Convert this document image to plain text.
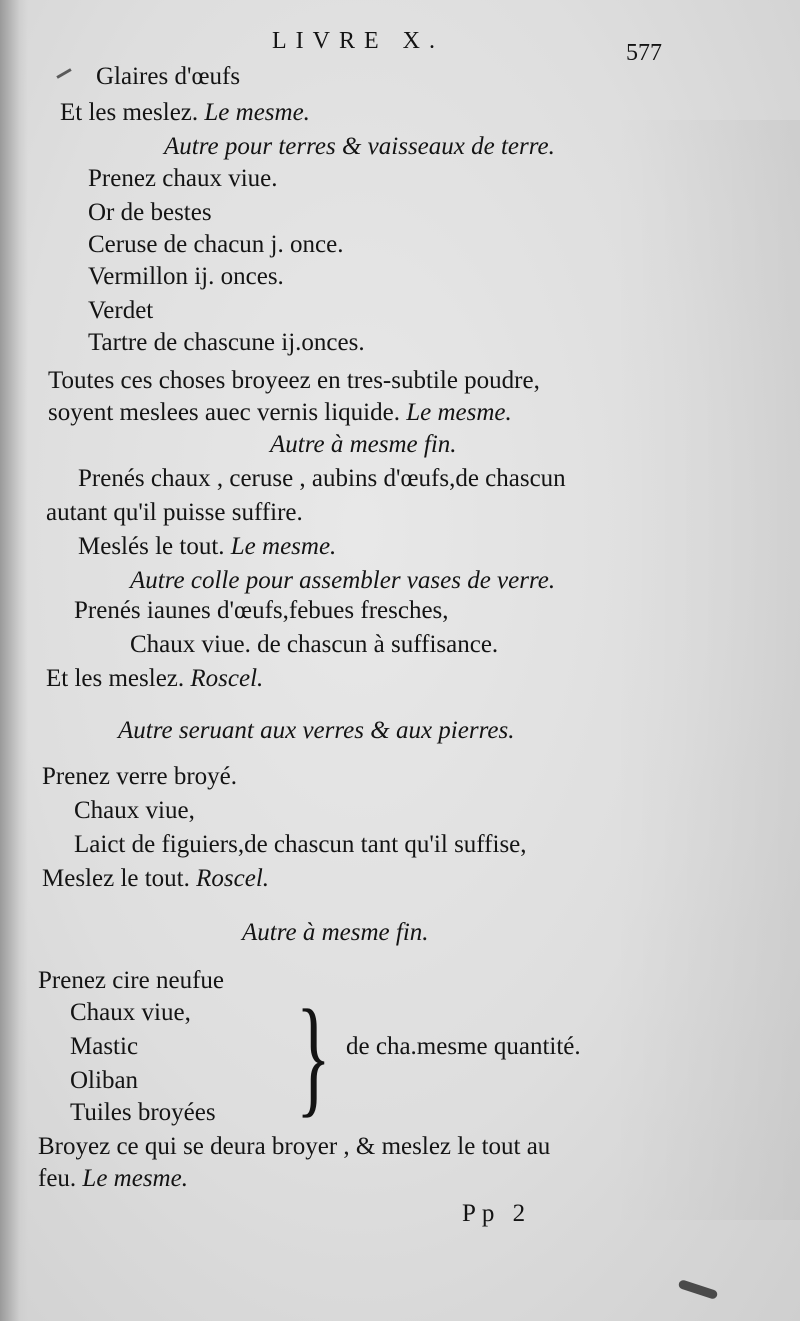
LIVRE X.	577
Glaires d'œufs
Et les meslez. Le mesme.
Autre pour terres & vaisseaux de terre.
Prenez chaux viue.
Or de bestes
Ceruse de chacun j. once.
Vermillon ij. onces.
Verdet
Tartre de chascune ij.onces.
Toutes ces choses broyeez en tres-subtile poudre,
soyent meslees auec vernis liquide. Le mesme.
Autre à mesme fin.
Prenés chaux , ceruse , aubins d'œufs,de chascun
autant qu'il puisse suffire.
Meslés le tout. Le mesme.
Autre colle pour assembler vases de verre.
Prenés iaunes d'œufs,febues fresches,
Chaux viue. de chascun à suffisance.
Et les meslez. Roscel.
Autre seruant aux verres & aux pierres.
Prenez verre broyé.
Chaux viue,
Laict de figuiers,de chascun tant qu'il suffise,
Meslez le tout. Roscel.
Autre à mesme fin.
Prenez cire neufue
Chaux viue,
Mastic
Oliban
Tuiles broyées
Broyez ce qui se deura broyer , & meslez le tout au
feu. Le mesme.
} de cha.mesme quantité.
Pp 2
